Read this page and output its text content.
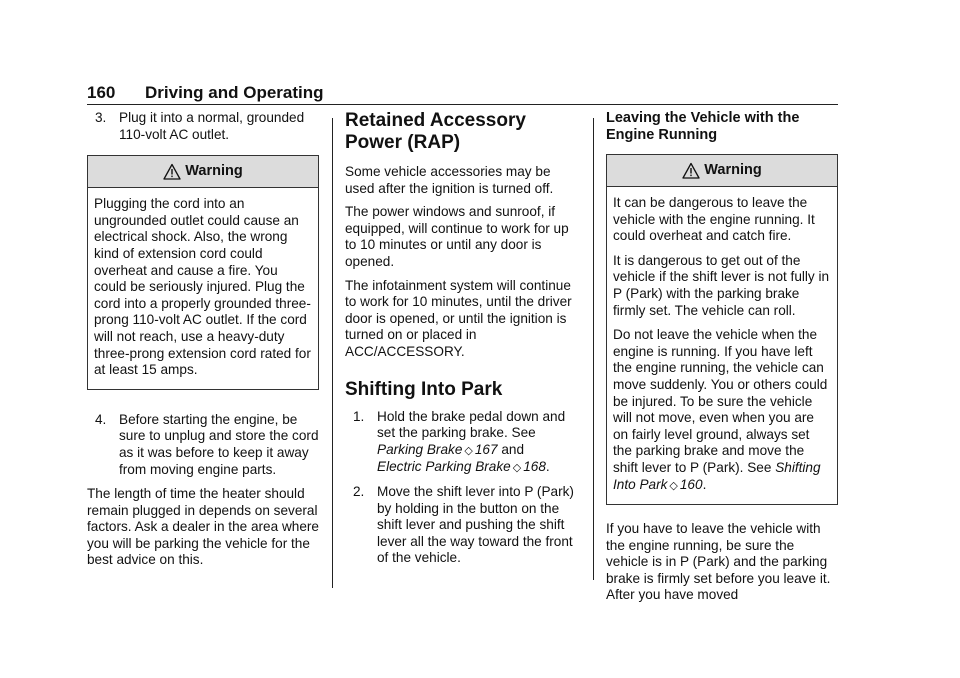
160 Driving and Operating
3. Plug it into a normal, grounded 110-volt AC outlet.
Warning

Plugging the cord into an ungrounded outlet could cause an electrical shock. Also, the wrong kind of extension cord could overheat and cause a fire. You could be seriously injured. Plug the cord into a properly grounded three-prong 110-volt AC outlet. If the cord will not reach, use a heavy-duty three-prong extension cord rated for at least 15 amps.

4. Before starting the engine, be sure to unplug and store the cord as it was before to keep it away from moving engine parts.

The length of time the heater should remain plugged in depends on several factors. Ask a dealer in the area where you will be parking the vehicle for the best advice on this.

Retained Accessory

Power (RAP)

Some vehicle accessories may be used after the ignition is turned off.

The power windows and sunroof, if equipped, will continue to work for up to 10 minutes or until any door is opened.

The infotainment system will continue to work for 10 minutes, until the driver door is opened, or until the ignition is turned on or placed in ACC/ACCESSORY.

Shifting Into Park

1. Hold the brake pedal down and set the parking brake. See
Parking Brake ◇ 167 and
Electric Parking Brake ◇ 168.
2. Move the shift lever into P (Park) by holding in the button on the shift lever and pushing the shift lever all the way toward the front of the vehicle.

Leaving the Vehicle with the

Engine Running

Warning

It can be dangerous to leave the vehicle with the engine running. It could overheat and catch fire.

It is dangerous to get out of the vehicle if the shift lever is not fully in P (Park) with the parking brake firmly set. The vehicle can roll.

Do not leave the vehicle when the engine is running. If you have left the engine running, the vehicle can move suddenly. You or others could be injured. To be sure the vehicle will not move, even when you are on fairly level ground, always set the parking brake and move the shift lever to P (Park). See Shifting Into Park ◇ 160.

If you have to leave the vehicle with the engine running, be sure the vehicle is in P (Park) and the parking brake is firmly set before you leave it. After you have moved
